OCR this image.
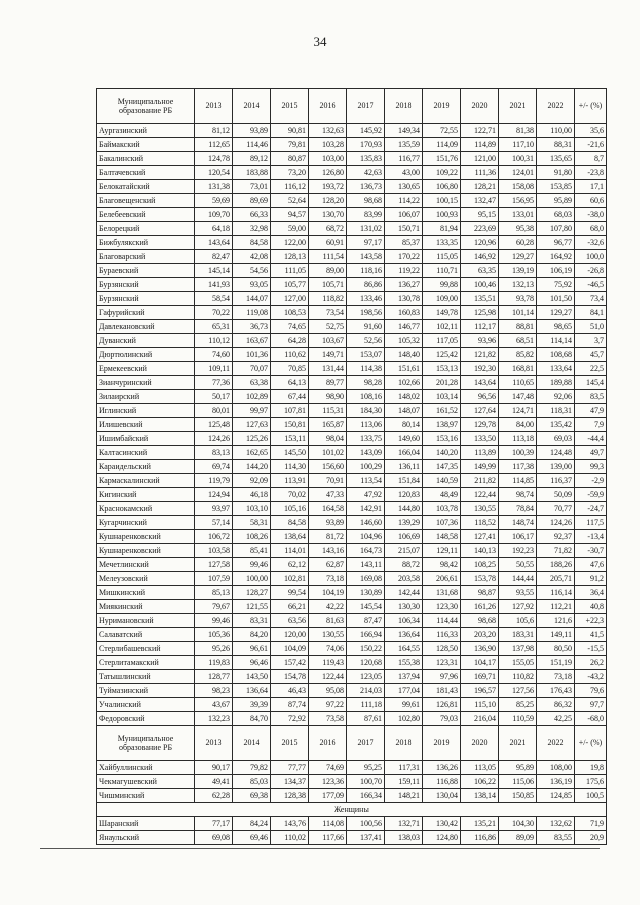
34
Муниципальное образование РБ	2013	2014	2015	2016	2017	2018	2019	2020	2021	2022	+/- (%)
Аургазинский	81,12	93,89	90,81	132,63	145,92	149,34	72,55	122,71	81,38	110,00	35,6
Баймакский	112,65	114,46	79,81	103,28	170,93	135,59	114,09	114,89	117,10	88,31	-21,6
Бакалинский	124,78	89,12	80,87	103,00	135,83	116,77	151,76	121,00	100,31	135,65	8,7
Балтачевский	120,54	183,88	73,20	126,80	42,63	43,00	109,22	111,36	124,01	91,80	-23,8
Белокатайский	131,38	73,01	116,12	193,72	136,73	130,65	106,80	128,21	158,08	153,85	17,1
Благовещенский	59,69	89,69	52,64	128,20	98,68	114,22	100,15	132,47	156,95	95,89	60,6
Белебеевский	109,70	66,33	94,57	130,70	83,99	106,07	100,93	95,15	133,01	68,03	-38,0
Белорецкий	64,18	32,98	59,00	68,72	131,02	150,71	81,94	223,69	95,38	107,80	68,0
Бижбулякский	143,64	84,58	122,00	60,91	97,17	85,37	133,35	120,96	60,28	96,77	-32,6
Благоварский	82,47	42,08	128,13	111,54	143,58	170,22	115,05	146,92	129,27	164,92	100,0
Бураевский	145,14	54,56	111,05	89,00	118,16	119,22	110,71	63,35	139,19	106,19	-26,8
Бурзянский	141,93	93,05	105,77	105,71	86,86	136,27	99,88	100,46	132,13	75,92	-46,5
Бурзянский	58,54	144,07	127,00	118,82	133,46	130,78	109,00	135,51	93,78	101,50	73,4
Гафурийский	70,22	119,08	108,53	73,54	198,56	160,83	149,78	125,98	101,14	129,27	84,1
Давлекановский	65,31	36,73	74,65	52,75	91,60	146,77	102,11	112,17	88,81	98,65	51,0
Дуванский	110,12	163,67	64,28	103,67	52,56	105,32	117,05	93,96	68,51	114,14	3,7
Дюртюлинский	74,60	101,36	110,62	149,71	153,07	148,40	125,42	121,82	85,82	108,68	45,7
Ермекеевский	109,11	70,07	70,85	131,44	114,38	151,61	153,13	192,30	168,81	133,64	22,5
Зианчуринский	77,36	63,38	64,13	89,77	98,28	102,66	201,28	143,64	110,65	189,88	145,4
Зилаирский	50,17	102,89	67,44	98,90	108,16	148,02	103,14	96,56	147,48	92,06	83,5
Иглинский	80,01	99,97	107,81	115,31	184,30	148,07	161,52	127,64	124,71	118,31	47,9
Илишевский	125,48	127,63	150,81	165,87	113,06	80,14	138,97	129,78	84,00	135,42	7,9
Ишимбайский	124,26	125,26	153,11	98,04	133,75	149,60	153,16	133,50	113,18	69,03	-44,4
Калтасинский	83,13	162,65	145,50	101,02	143,09	166,04	140,20	113,89	100,39	124,48	49,7
Караидельский	69,74	144,20	114,30	156,60	100,29	136,11	147,35	149,99	117,38	139,00	99,3
Кармаскалинский	119,79	92,09	113,91	70,91	113,54	151,84	140,59	211,82	114,85	116,37	-2,9
Кигинский	124,94	46,18	70,02	47,33	47,92	120,83	48,49	122,44	98,74	50,09	-59,9
Краснокамский	93,97	103,10	105,16	164,58	142,91	144,80	103,78	130,55	78,84	70,77	-24,7
Кугарчинский	57,14	58,31	84,58	93,89	146,60	139,29	107,36	118,52	148,74	124,26	117,5
Кушнаренковский	106,72	108,26	138,64	81,72	104,96	106,69	148,58	127,41	106,17	92,37	-13,4
Кушнаренковский	103,58	85,41	114,01	143,16	164,73	215,07	129,11	140,13	192,23	71,82	-30,7
Мечетлинский	127,58	99,46	62,12	62,87	143,11	88,72	98,42	108,25	50,55	188,26	47,6
Мелеузовский	107,59	100,00	102,81	73,18	169,08	203,58	206,61	153,78	144,44	205,71	91,2
Мишкинский	85,13	128,27	99,54	104,19	130,89	142,44	131,68	98,87	93,55	116,14	36,4
Миякинский	79,67	121,55	66,21	42,22	145,54	130,30	123,30	161,26	127,92	112,21	40,8
Нуримановский	99,46	83,31	63,56	81,63	87,47	106,34	114,44	98,68	105,6	121,6	+22,3
Салаватский	105,36	84,20	120,00	130,55	166,94	136,64	116,33	203,20	183,31	149,11	41,5
Стерлибашевский	95,26	96,61	104,09	74,06	150,22	164,55	128,50	136,90	137,98	80,50	-15,5
Стерлитамакский	119,83	96,46	157,42	119,43	120,68	155,38	123,31	104,17	155,05	151,19	26,2
Татышлинский	128,77	143,50	154,78	122,44	123,05	137,94	97,96	169,71	110,82	73,18	-43,2
Туймазинский	98,23	136,64	46,43	95,08	214,03	177,04	181,43	196,57	127,56	176,43	79,6
Учалинский	43,67	39,39	87,74	97,22	111,18	99,61	126,81	115,10	85,25	86,32	97,7
Федоровский	132,23	84,70	72,92	73,58	87,61	102,80	79,03	216,04	110,59	42,25	-68,0
Муниципальное образование РБ	2013	2014	2015	2016	2017	2018	2019	2020	2021	2022	+/- (%)
Хайбуллинский	90,17	79,82	77,77	74,69	95,25	117,31	136,26	113,05	95,89	108,00	19,8
Чекмагушевский	49,41	85,03	134,37	123,36	100,70	159,11	116,88	106,22	115,06	136,19	175,6
Чишминский	62,28	69,38	128,38	177,09	166,34	148,21	130,04	138,14	150,85	124,85	100,5
Женщины											
Шаранский	77,17	84,24	143,76	114,08	100,56	132,71	130,42	135,21	104,30	132,62	71,9
Янаульский	69,08	69,46	110,02	117,66	137,41	138,03	124,80	116,86	89,09	83,55	20,9
